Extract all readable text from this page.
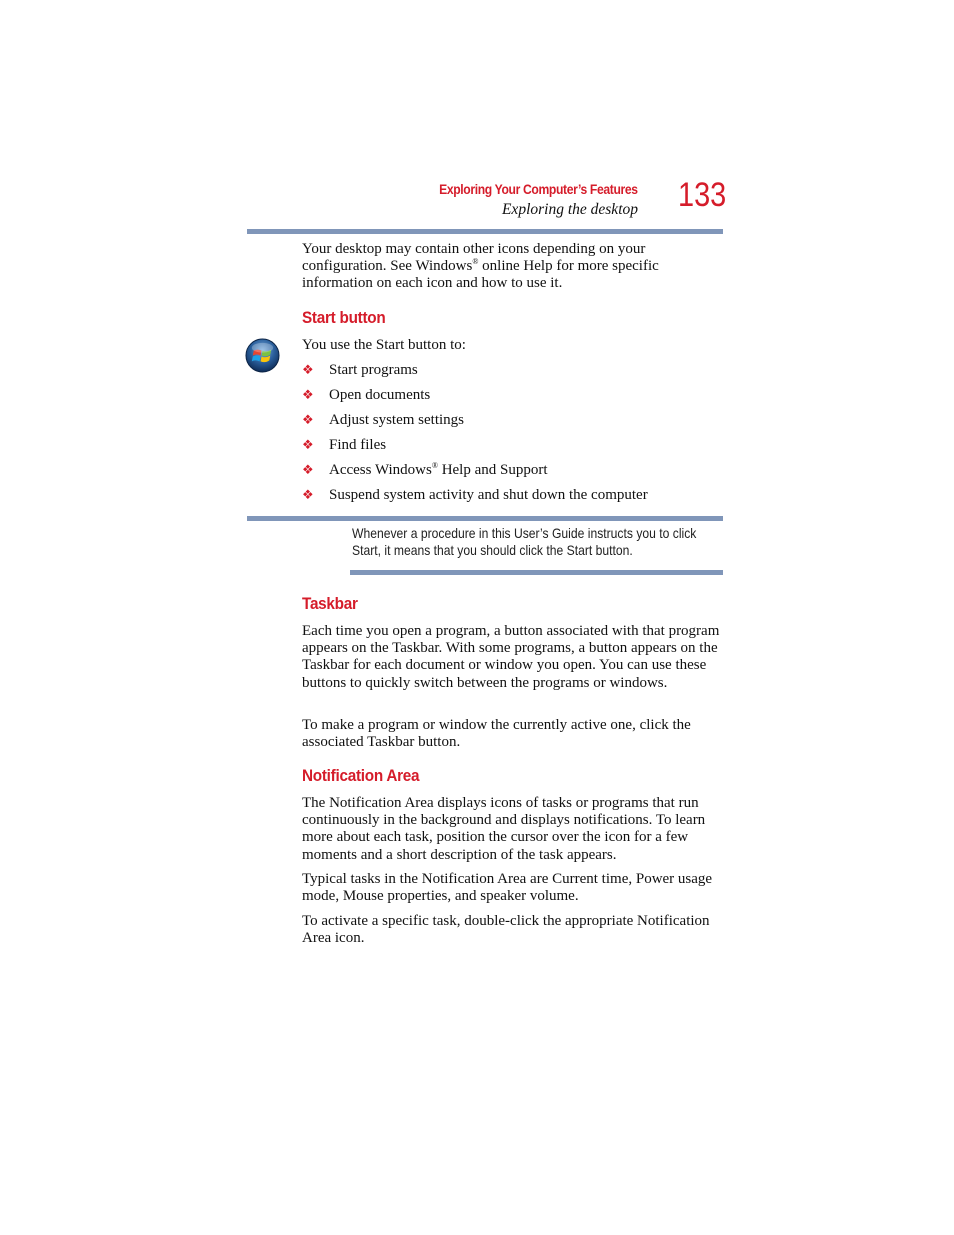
Exploring Your Computer’s Features
Exploring the desktop 133

Your desktop may contain other icons depending on your configuration. See Windows® online Help for more specific information on each icon and how to use it.

Start button

You use the Start button to:

❖ Start programs
❖ Open documents
❖ Adjust system settings
❖ Find files
❖ Access Windows® Help and Support
❖ Suspend system activity and shut down the computer
Whenever a procedure in this User’s Guide instructs you to click Start, it means that you should click the Start button.
Taskbar

Each time you open a program, a button associated with that program appears on the Taskbar. With some programs, a button appears on the Taskbar for each document or window you open. You can use these buttons to quickly switch between the programs or windows.

To make a program or window the currently active one, click the associated Taskbar button.

Notification Area

The Notification Area displays icons of tasks or programs that run continuously in the background and displays notifications. To learn more about each task, position the cursor over the icon for a few moments and a short description of the task appears.

Typical tasks in the Notification Area are Current time, Power usage mode, Mouse properties, and speaker volume.

To activate a specific task, double-click the appropriate Notification Area icon.
